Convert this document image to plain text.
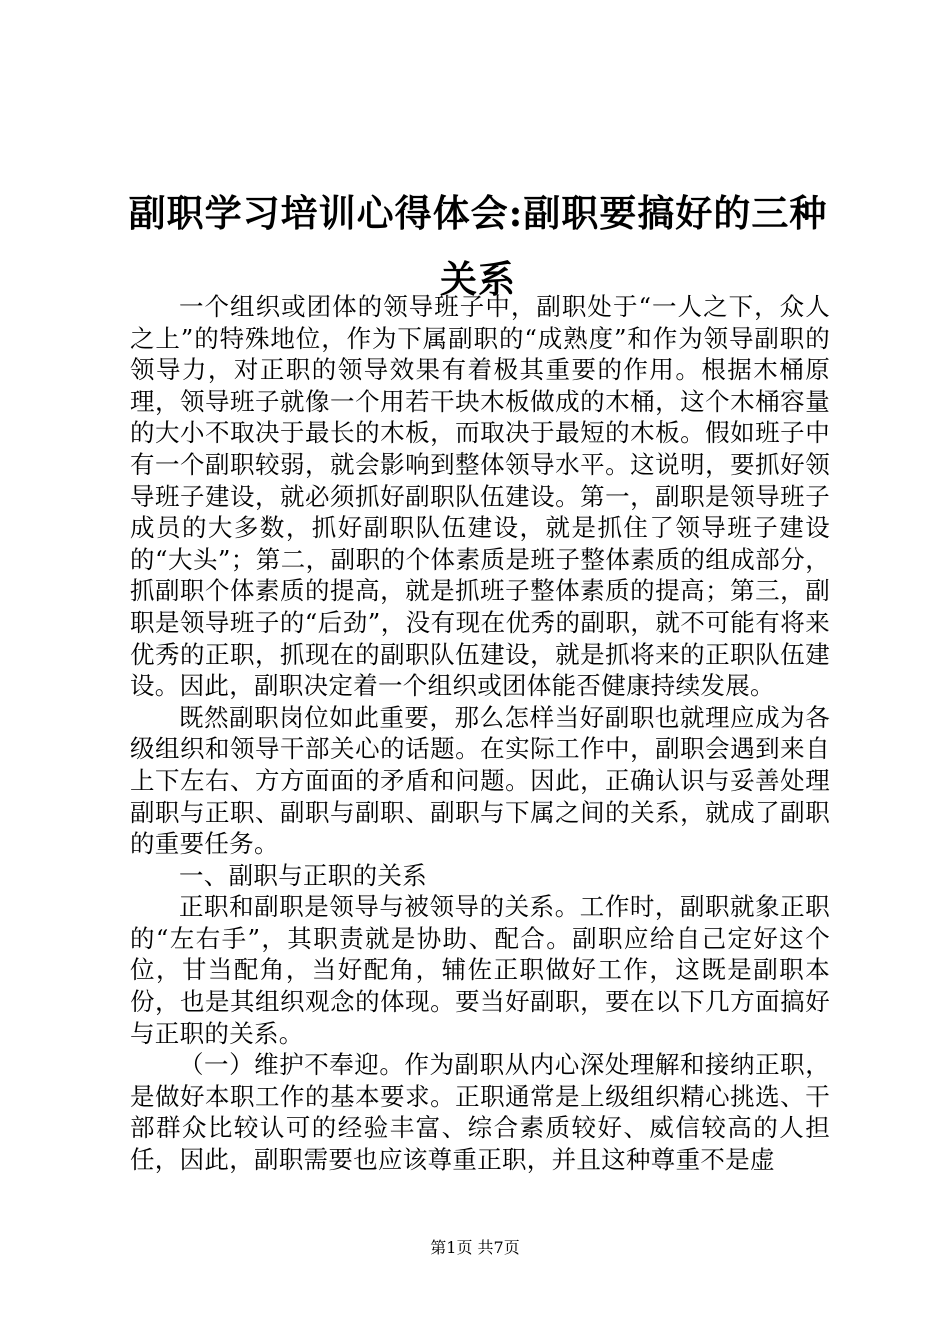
副职学习培训心得体会:副职要搞好的三种关系

一个组织或团体的领导班子中，副职处于“一人之下，众人之上”的特殊地位，作为下属副职的“成熟度”和作为领导副职的领导力，对正职的领导效果有着极其重要的作用。根据木桶原理，领导班子就像一个用若干块木板做成的木桶，这个木桶容量的大小不取决于最长的木板，而取决于最短的木板。假如班子中有一个副职较弱，就会影响到整体领导水平。这说明，要抓好领导班子建设，就必须抓好副职队伍建设。第一，副职是领导班子成员的大多数，抓好副职队伍建设，就是抓住了领导班子建设的“大头”；第二，副职的个体素质是班子整体素质的组成部分，抓副职个体素质的提高，就是抓班子整体素质的提高；第三，副职是领导班子的“后劲”，没有现在优秀的副职，就不可能有将来优秀的正职，抓现在的副职队伍建设，就是抓将来的正职队伍建设。因此，副职决定着一个组织或团体能否健康持续发展。

既然副职岗位如此重要，那么怎样当好副职也就理应成为各级组织和领导干部关心的话题。在实际工作中，副职会遇到来自上下左右、方方面面的矛盾和问题。因此，正确认识与妥善处理副职与正职、副职与副职、副职与下属之间的关系，就成了副职的重要任务。

一、副职与正职的关系

正职和副职是领导与被领导的关系。工作时，副职就象正职的“左右手”，其职责就是协助、配合。副职应给自己定好这个位，甘当配角，当好配角，辅佐正职做好工作，这既是副职本份，也是其组织观念的体现。要当好副职，要在以下几方面搞好与正职的关系。

（一）维护不奉迎。作为副职从内心深处理解和接纳正职，是做好本职工作的基本要求。正职通常是上级组织精心挑选、干部群众比较认可的经验丰富、综合素质较好、威信较高的人担任，因此，副职需要也应该尊重正职，并且这种尊重不是虚

第1页 共7页
